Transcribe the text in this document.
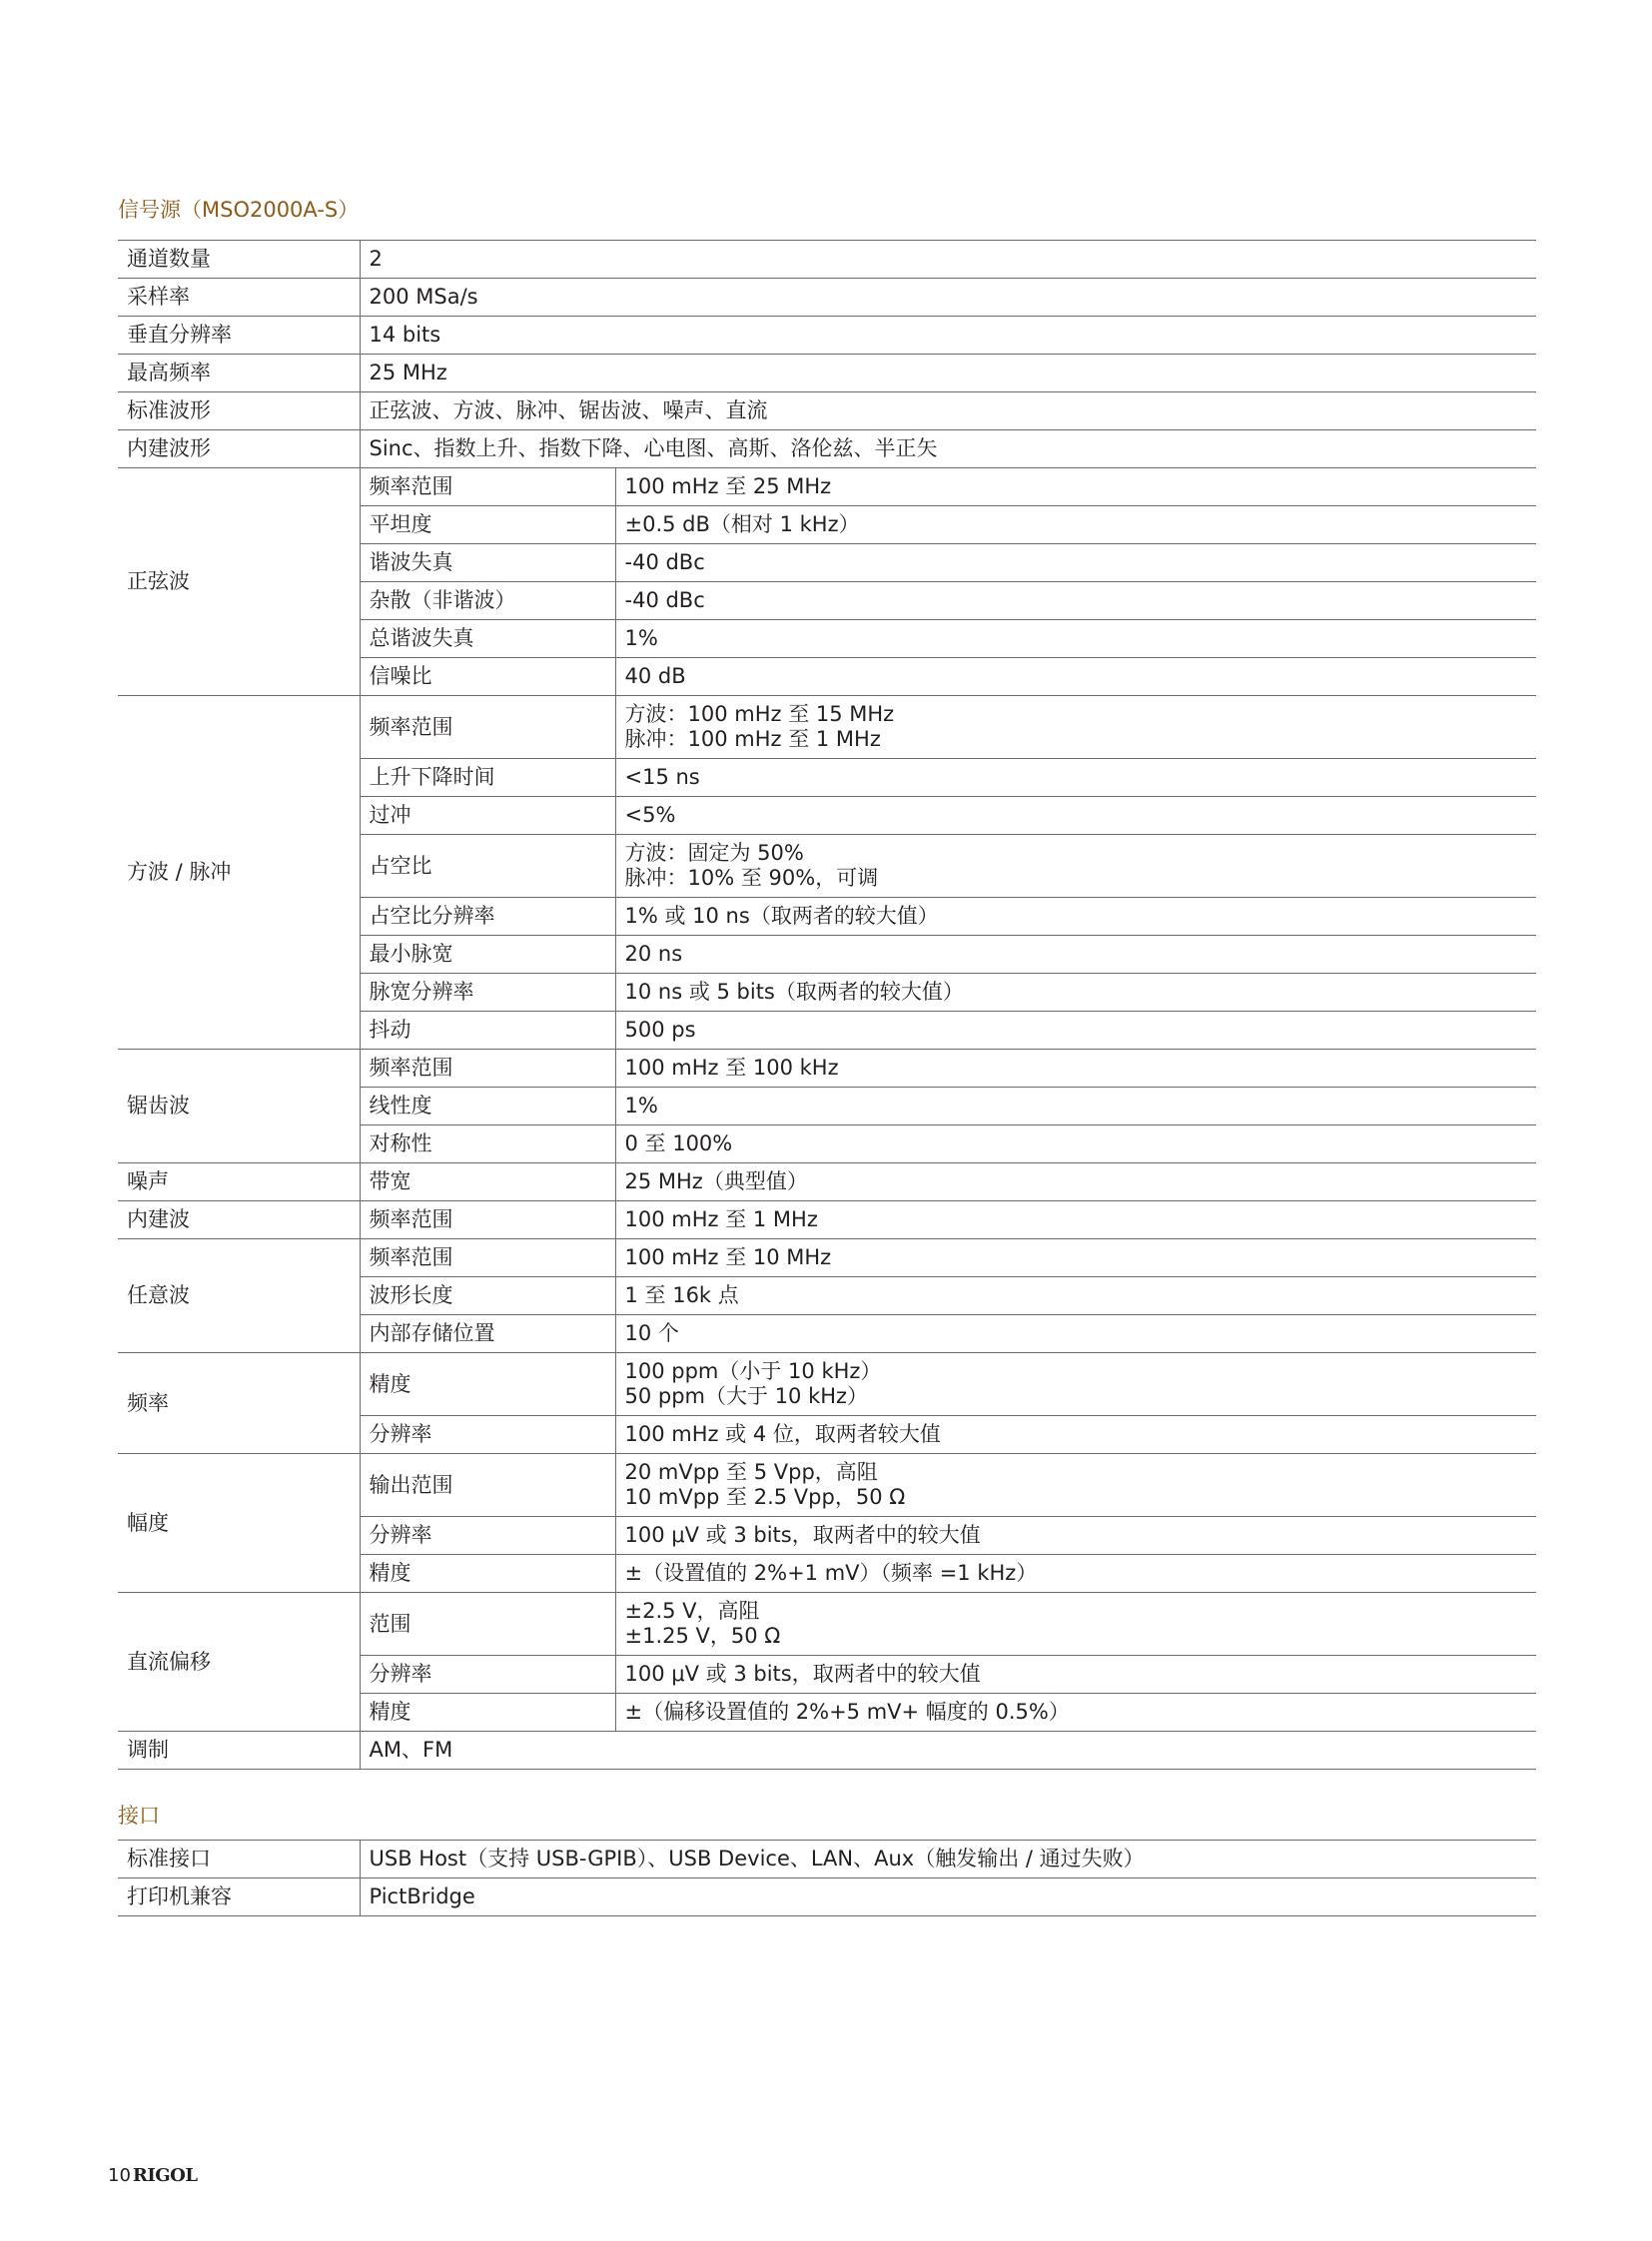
信号源（MSO2000A-S）
通道数量	2	
采样率	200 MSa/s	
垂直分辨率	14 bits	
最高频率	25 MHz	
标准波形	正弦波、方波、脉冲、锯齿波、噪声、直流	
内建波形	Sinc、指数上升、指数下降、心电图、高斯、洛伦兹、半正矢	
正弦波	频率范围	100 mHz 至 25 MHz

	平坦度	±0.5 dB（相对 1 kHz）

	谐波失真	-40 dBc

	杂散（非谐波）	-40 dBc

	总谐波失真	1%

	信噪比	40 dB

方波 / 脉冲	频率范围	方波：100 mHz 至 15 MHz
脉冲：100 mHz 至 1 MHz

	上升下降时间	<15 ns

	过冲	<5%

	占空比	方波：固定为 50%
脉冲：10% 至 90%，可调

	占空比分辨率	1% 或 10 ns（取两者的较大值）

	最小脉宽	20 ns

	脉宽分辨率	10 ns 或 5 bits（取两者的较大值）

	抖动	500 ps

锯齿波	频率范围	100 mHz 至 100 kHz

	线性度	1%

	对称性	0 至 100%

噪声	带宽	25 MHz（典型值）

内建波	频率范围	100 mHz 至 1 MHz

任意波	频率范围	100 mHz 至 10 MHz

	波形长度	1 至 16k 点

	内部存储位置	10 个

频率	精度	100 ppm（小于 10 kHz）
50 ppm（大于 10 kHz）

	分辨率	100 mHz 或 4 位，取两者较大值

幅度	输出范围	20 mVpp 至 5 Vpp，高阻
10 mVpp 至 2.5 Vpp，50 Ω

	分辨率	100 μV 或 3 bits，取两者中的较大值

	精度	±（设置值的 2%+1 mV）（频率 =1 kHz）

直流偏移	范围	±2.5 V，高阻
±1.25 V，50 Ω

	分辨率	100 μV 或 3 bits，取两者中的较大值

	精度	±（偏移设置值的 2%+5 mV+ 幅度的 0.5%）

调制	AM、FM	
接口
标准接口	USB Host（支持 USB-GPIB）、USB Device、LAN、Aux（触发输出 / 通过失败）
打印机兼容	PictBridge
10 RIGOL
